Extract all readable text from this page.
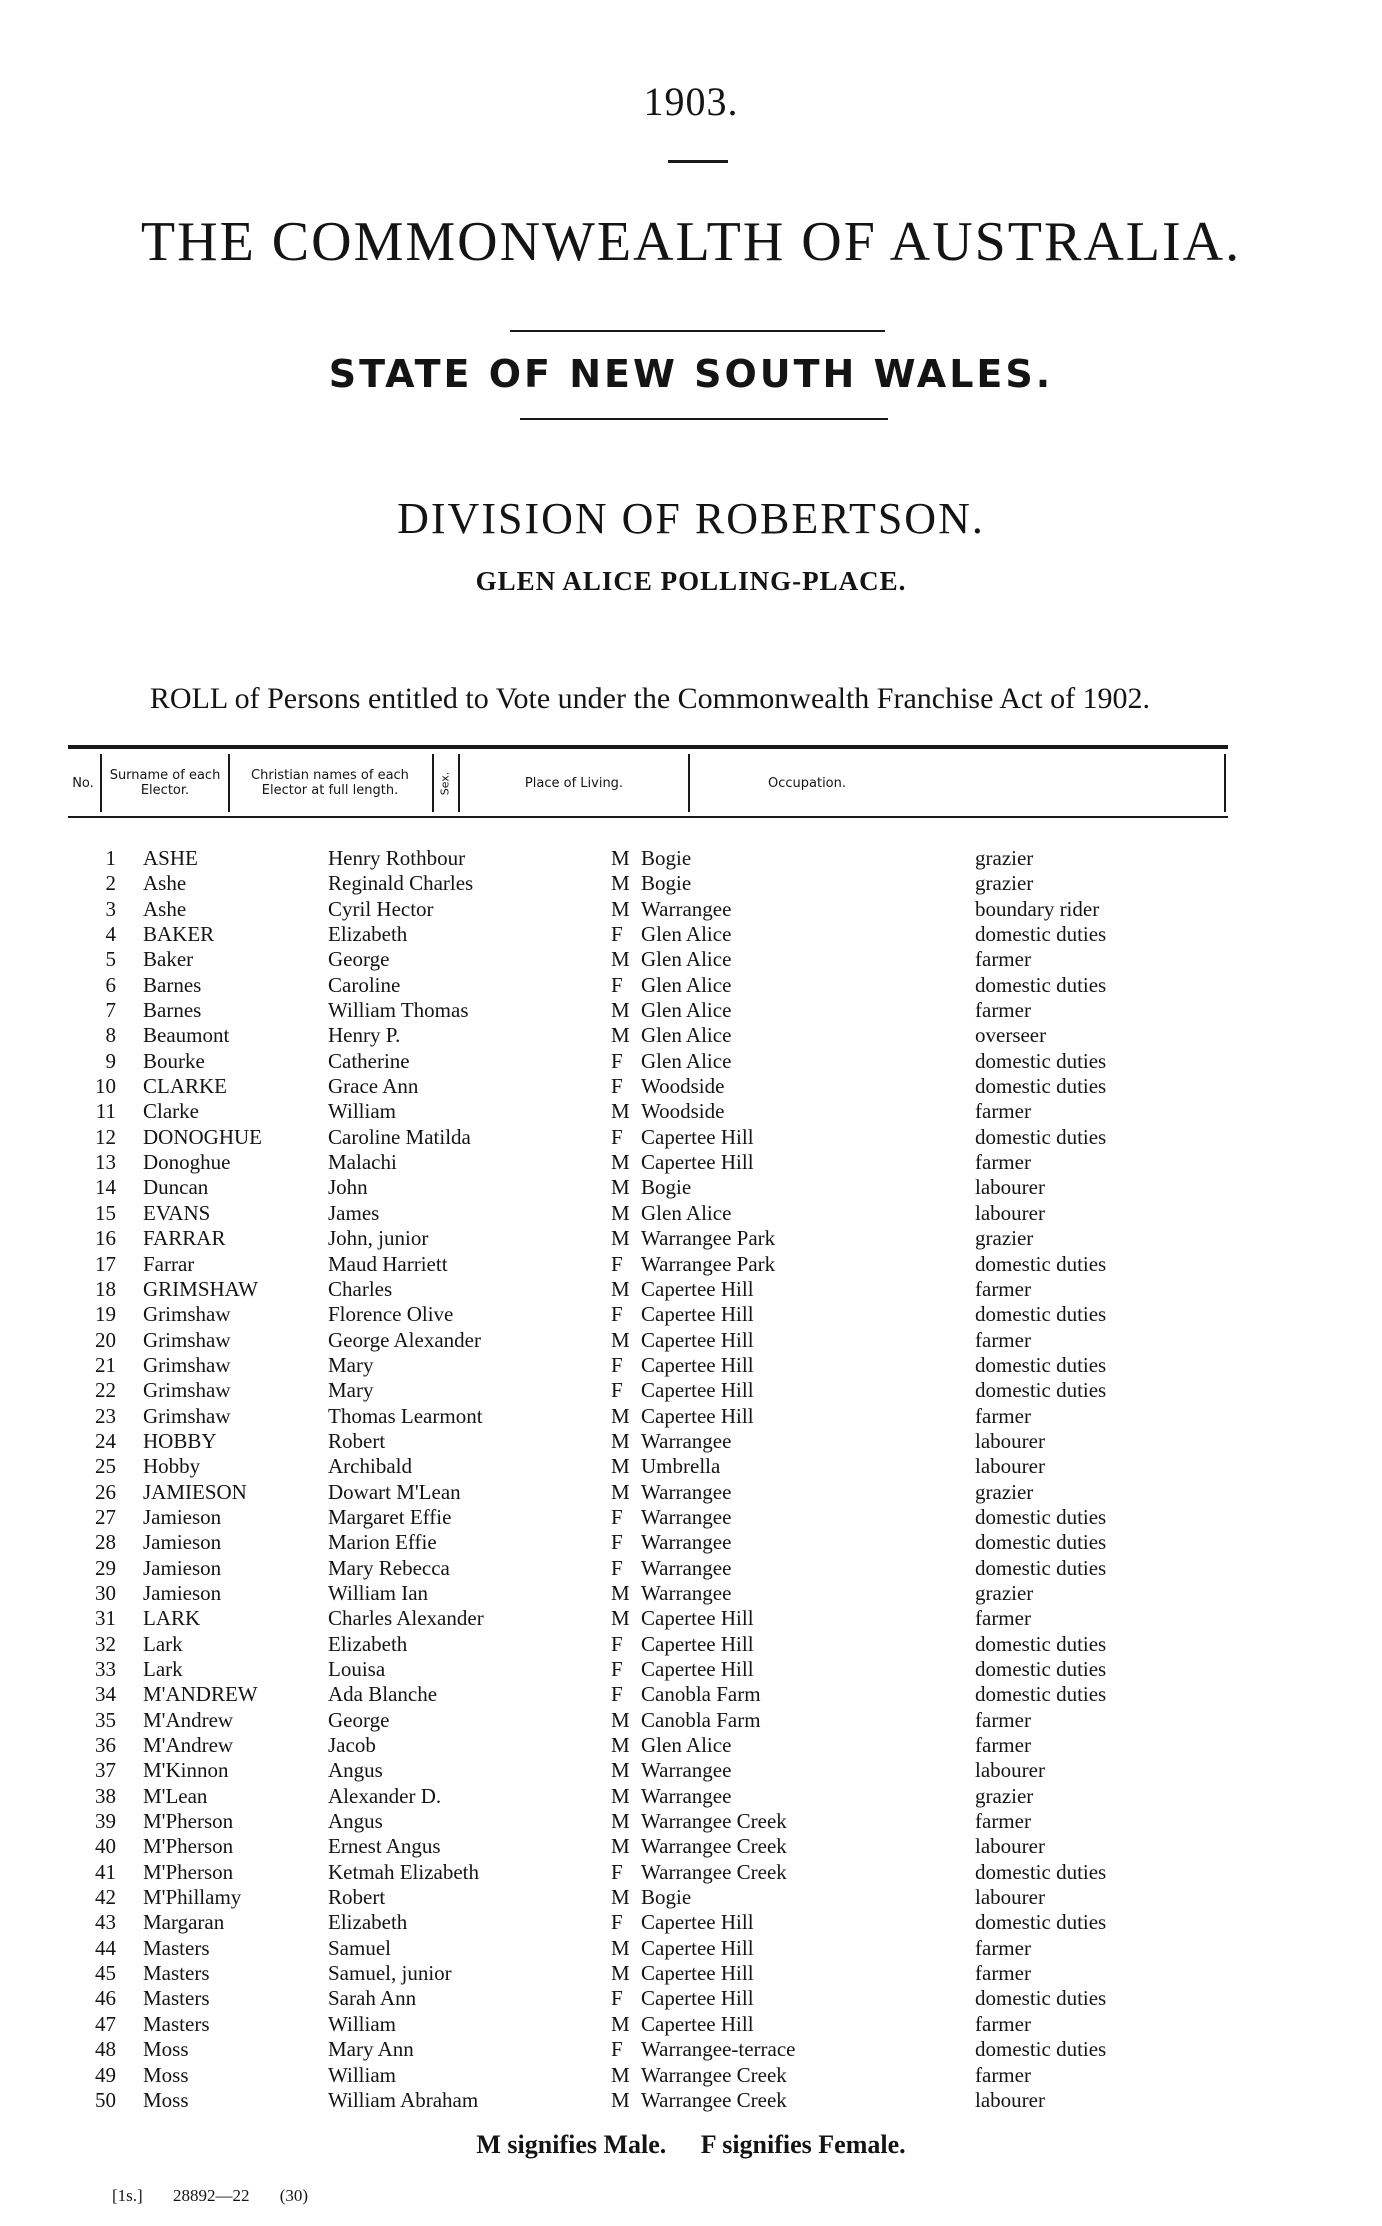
1903.
THE COMMONWEALTH OF AUSTRALIA.
STATE OF NEW SOUTH WALES.
DIVISION OF ROBERTSON.
GLEN ALICE POLLING-PLACE.
ROLL of Persons entitled to Vote under the Commonwealth Franchise Act of 1902.
No.	Surname of each Elector.
Christian names of each Elector at full length.	Sex.	Place of Living.	Occupation.
1 ASHE	Henry Rothbour	M Bogie	grazier
2 Ashe	Reginald Charles	M Bogie	grazier
3 Ashe	Cyril Hector	M Warrangee	boundary rider
4 BAKER	Elizabeth	F Glen Alice	domestic duties
5 Baker	George	M Glen Alice	farmer
6 Barnes	Caroline	F Glen Alice	domestic duties
7 Barnes	William Thomas	M Glen Alice	farmer
8 Beaumont	Henry P.	M Glen Alice	overseer
9 Bourke	Catherine	F Glen Alice	domestic duties
10 CLARKE	Grace Ann	F Woodside	domestic duties
11 Clarke	William	M Woodside	farmer
12 DONOGHUE	Caroline Matilda	F Capertee Hill	domestic duties
13 Donoghue	Malachi	M Capertee Hill	farmer
14 Duncan	John	M Bogie	labourer
15 EVANS	James	M Glen Alice	labourer
16 FARRAR	John, junior	M Warrangee Park	grazier
17 Farrar	Maud Harriett	F Warrangee Park	domestic duties
18 GRIMSHAW	Charles	M Capertee Hill	farmer
19 Grimshaw	Florence Olive	F Capertee Hill	domestic duties
20 Grimshaw	George Alexander	M Capertee Hill	farmer
21 Grimshaw	Mary	F Capertee Hill	domestic duties
22 Grimshaw	Mary	F Capertee Hill	domestic duties
23 Grimshaw	Thomas Learmont	M Capertee Hill	farmer
24 HOBBY	Robert	M Warrangee	labourer
25 Hobby	Archibald	M Umbrella	labourer
26 JAMIESON	Dowart M'Lean	M Warrangee	grazier
27 Jamieson	Margaret Effie	F Warrangee	domestic duties
28 Jamieson	Marion Effie	F Warrangee	domestic duties
29 Jamieson	Mary Rebecca	F Warrangee	domestic duties
30 Jamieson	William Ian	M Warrangee	grazier
31 LARK	Charles Alexander	M Capertee Hill	farmer
32 Lark	Elizabeth	F Capertee Hill	domestic duties
33 Lark	Louisa	F Capertee Hill	domestic duties
34 M'ANDREW	Ada Blanche	F Canobla Farm	domestic duties
35 M'Andrew	George	M Canobla Farm	farmer
36 M'Andrew	Jacob	M Glen Alice	farmer
37 M'Kinnon	Angus	M Warrangee	labourer
38 M'Lean	Alexander D.	M Warrangee	grazier
39 M'Pherson	Angus	M Warrangee Creek	farmer
40 M'Pherson	Ernest Angus	M Warrangee Creek	labourer
41 M'Pherson	Ketmah Elizabeth	F Warrangee Creek	domestic duties
42 M'Phillamy	Robert	M Bogie	labourer
43 Margaran	Elizabeth	F Capertee Hill	domestic duties
44 Masters	Samuel	M Capertee Hill	farmer
45 Masters	Samuel, junior	M Capertee Hill	farmer
46 Masters	Sarah Ann	F Capertee Hill	domestic duties
47 Masters	William	M Capertee Hill	farmer
48 Moss	Mary Ann	F Warrangee-terrace	domestic duties
49 Moss	William	M Warrangee Creek	farmer
50 Moss	William Abraham	M Warrangee Creek	labourer
M signifies Male. F signifies Female.
[1s.] 28892—22 (30)
